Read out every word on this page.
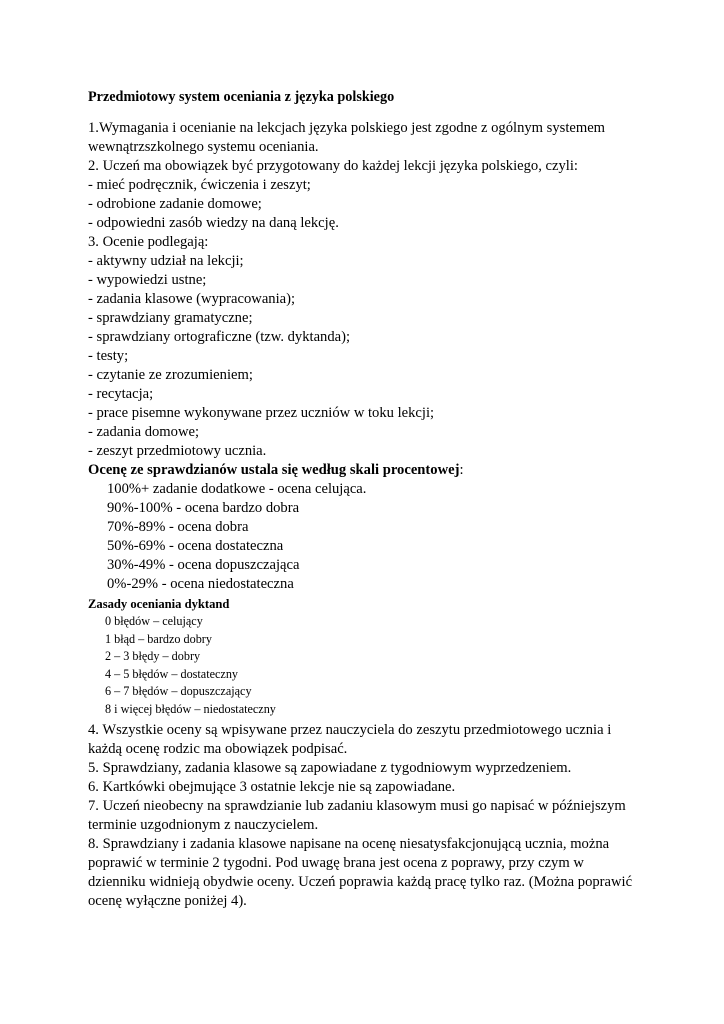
Przedmiotowy system oceniania z języka polskiego
1.Wymagania i ocenianie na lekcjach języka polskiego jest zgodne z ogólnym systemem
wewnątrzszkolnego systemu oceniania.
2. Uczeń ma obowiązek być przygotowany do każdej lekcji języka polskiego, czyli:
- mieć podręcznik, ćwiczenia i zeszyt;
- odrobione zadanie domowe;
- odpowiedni zasób wiedzy na daną lekcję.
3. Ocenie podlegają:
- aktywny udział na lekcji;
- wypowiedzi ustne;
- zadania klasowe (wypracowania);
- sprawdziany gramatyczne;
- sprawdziany ortograficzne (tzw. dyktanda);
- testy;
- czytanie ze zrozumieniem;
- recytacja;
- prace pisemne wykonywane przez uczniów w toku lekcji;
- zadania domowe;
- zeszyt przedmiotowy ucznia.
Ocenę ze sprawdzianów ustala się według skali procentowej:
100%+ zadanie dodatkowe - ocena celująca.
90%-100% - ocena bardzo dobra
70%-89% - ocena dobra
50%-69% - ocena dostateczna
30%-49% - ocena dopuszczająca
0%-29% - ocena niedostateczna
Zasady oceniania dyktand
0 błędów – celujący
1 błąd – bardzo dobry
2 – 3 błędy – dobry
4 – 5 błędów – dostateczny
6 – 7 błędów – dopuszczający
8 i więcej błędów – niedostateczny
4. Wszystkie oceny są wpisywane przez nauczyciela do zeszytu przedmiotowego ucznia i
każdą ocenę rodzic ma obowiązek podpisać.
5. Sprawdziany, zadania klasowe są zapowiadane z tygodniowym wyprzedzeniem.
6. Kartkówki obejmujące 3 ostatnie lekcje nie są zapowiadane.
7. Uczeń nieobecny na sprawdzianie lub zadaniu klasowym musi go napisać w późniejszym
terminie uzgodnionym z nauczycielem.
8. Sprawdziany i zadania klasowe napisane na ocenę niesatysfakcjonującą ucznia, można
poprawić w terminie 2 tygodni. Pod uwagę brana jest ocena z poprawy, przy czym w
dzienniku widnieją obydwie oceny. Uczeń poprawia każdą pracę tylko raz. (Można poprawić
ocenę wyłączne poniżej 4).
